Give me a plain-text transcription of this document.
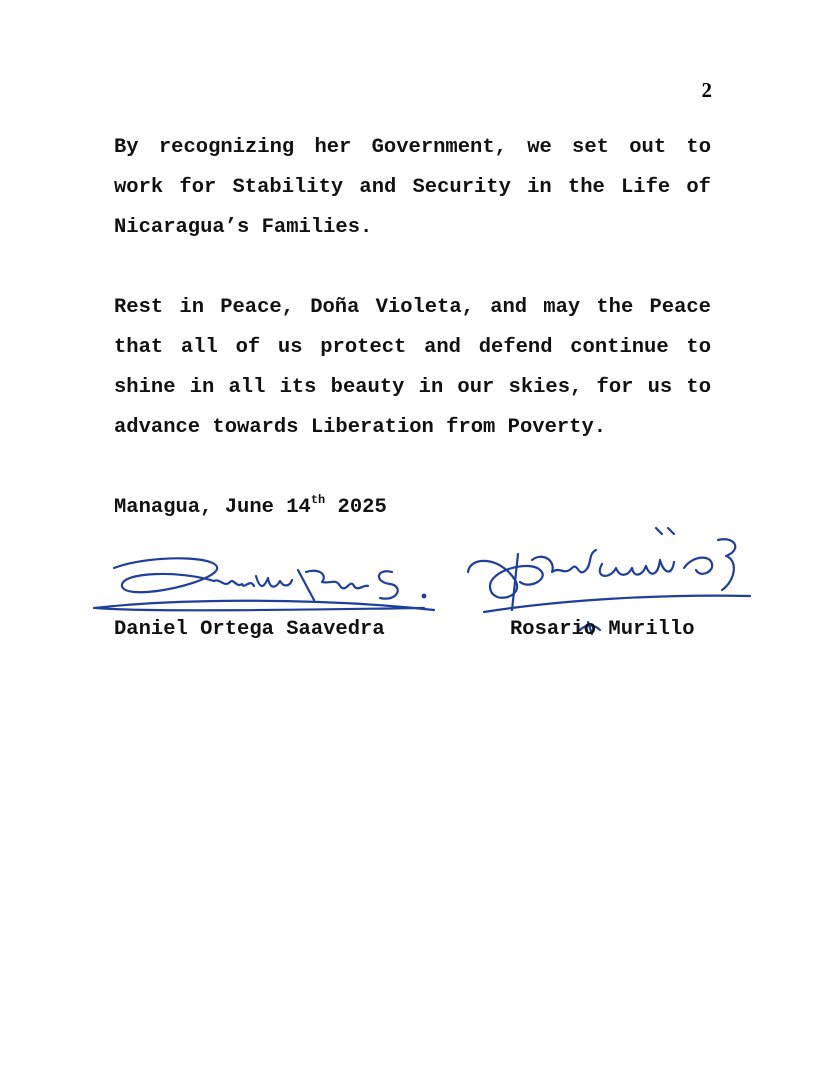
2

By recognizing her Government, we set out to work for Stability and Security in the Life of Nicaragua’s Families.

Rest in Peace, Doña Violeta, and may the Peace that all of us protect and defend continue to shine in all its beauty in our skies, for us to advance towards Liberation from Poverty.

Managua, June 14th 2025
Daniel Ortega Saavedra	Rosario Murillo
